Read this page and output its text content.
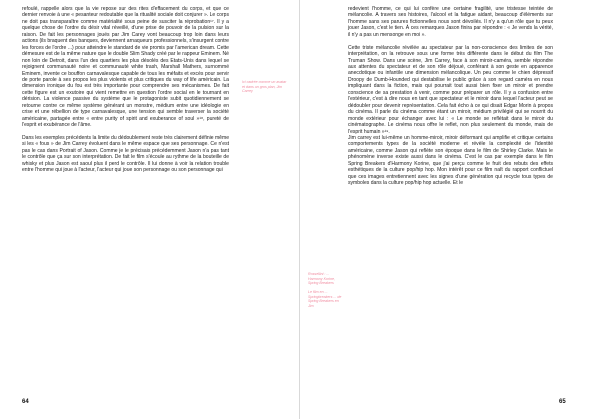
refoulé, rappelle alors que la vie repose sur des rites d'effacement du corps, et que ce dernier renvoie à une « pesanteur redoutable que la ritualité sociale doit conjurer ». Le corps ne doit pas transparaître comme matérialité sous peine de susciter la réprobation¹⁷. Il y a quelque chose de l'ordre du désir vital réveillé, d'une prise de pouvoir de la pulsion sur la raison. De fait les personnages joués par Jim Carey vont beaucoup trop loin dans leurs actions (ils braquent des banques, deviennent arnaqueurs professionnels, s'insurgent contre les forces de l'ordre ...) pour atteindre le standard de vie promis par l'american dream. Cette démesure est de la même nature que le double Slim Shady créé par le rappeur Eminem. Né non loin de Detroit, dans l'un des quartiers les plus désolés des Etats-Unis dans lequel se rejoignent communauté noire et communauté white trash, Marshall Mathers, surnommé Eminem, invente ce bouffon carnavalesque capable de tous les méfaits et excès pour servir de porte parole à ses propos les plus violents et plus critiques du way of life américain. La dimension ironique du fou est très importante pour comprendre ses mécanismes. De fait cette figure est un exutoire qui vient remettre en question l'ordre social en le tournant en dérision. La violence passive du système que le protagoniste subit quotidiennement se retourne contre ce même système générant un monstre, médium entre une idéologie en crise et une rébellion de type carnavalesque, une tension qui semble traverser la société américaine, partagée entre « entre purity of spirit and exuberance of soul »¹⁸, pureté de l'esprit et exubérance de l'âme.

Dans les exemples précédents la limite du dédoublement reste très clairement définie même si les « fous » de Jim Carrey évoluent dans le même espace que ses personnage. Ce n'est pas le cas dans Portrait of Jason. Comme je le précisais précédemment Jason n'a pas tant le contrôle que ça sur son interprétation. De fait le film s'écoule au rythme de la bouteille de whisky et plus Jason est saoul plus il perd le contrôle. Il lui donne à voir la relation trouble entre l'homme qui joue à l'acteur, l'acteur qui joue son personnage ou son personnage qui

Ici cadrée comme un avatar et dans un gros plan, Jim Carrey
64
Rossellini : ... Harmony Korine, Spring Breakers
Le film en ... Springbreakers ... de Spring Breakers en Jim

redevient l'homme, ce qui lui confère une certaine fragilité, une tristesse teintée de mélancolie. A travers ses histoires, l'alcool et la fatigue aidant, beaucoup d'éléments sur l'homme sans ses parures fictionnelles nous sont dévoilés. Il n'y a qu'un rôle que tu peux jouer Jason, c'est le tien. À ces remarques Jason finira par répondre : « Je vends la vérité, il n'y a pas un mensonge en moi ».

Cette triste mélancolie révélée au spectateur par la non-conscience des limites de son interprétation, on la retrouve sous une forme très différente dans le début du film The Truman Show. Dans une scène, Jim Carrey, face à son miroir-caméra, semble répondre aux attentes du spectateur et de son rôle déjoué, conférant à son geste en apparence anecdotique ou infantile une dimension mélancolique. Un peu comme le chien dépressif Droopy de Dumb-Hounded qui destabilise le public grâce à son regard caméra en nous impliquant dans la fiction, mais qui pourrait tout aussi bien fixer un miroir et prendre conscience de sa prestation à venir, comme pour préparer un rôle. Il y a confusion entre l'extérieur, c'est à dire nous en tant que spectateur et le miroir dans lequel l'acteur peut se dédoubler pour devenir représentation. Cela fait écho à ce qui disait Edgar Morin à propos du cinéma. Il parle du cinéma comme étant un miroir, médium privilégié qui se nourrit du monde extérieur pour échanger avec lui : « Le monde se reflétait dans le miroir du cinématographe. Le cinéma nous offre le reflet, non plus seulement du monde, mais de l'esprit humain »¹⁹.

Jim carrey est lui-même un homme-miroir, miroir déformant qui amplifie et critique certains comportements types de la société moderne et révèle la complexité de l'identité américaine, comme Jason qui reflète son époque dans le film de Shirley Clarke. Mais le phénomène inverse existe aussi dans le cinéma. C'est le cas par exemple dans le film Spring Breakers d'Harmony Korine, que j'ai perçu comme le fruit des rebuts des effets esthétiques de la culture pop/hip hop. Mon intérêt pour ce film naît du rapport conflictuel que ces images entretiennent avec les signes d'une génération qui recycle tous types de symboles dans la culture pop/hip hop actuelle. Et le

65
